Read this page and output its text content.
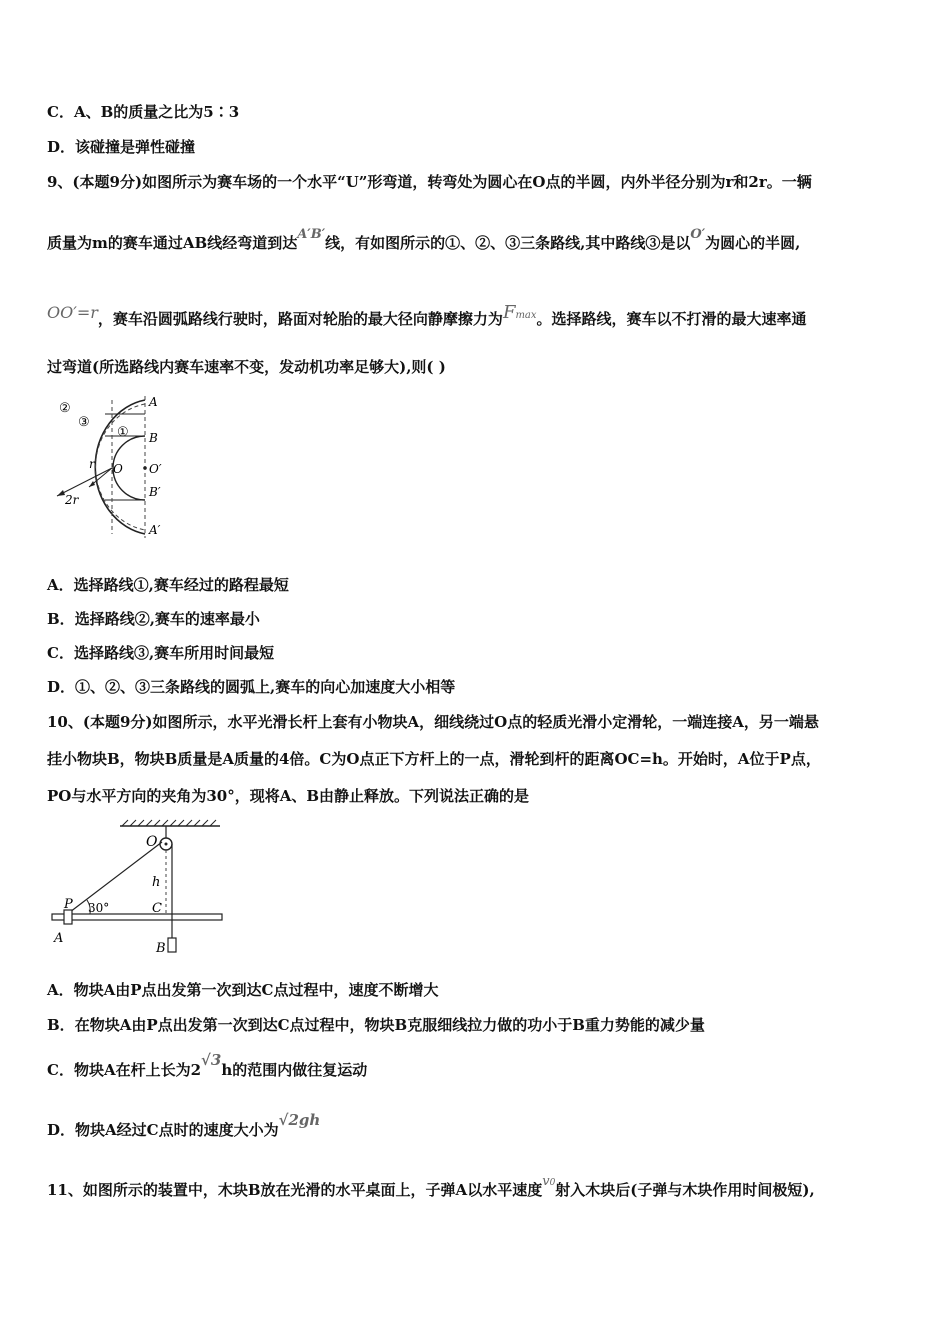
C．A、B的质量之比为5∶3
D．该碰撞是弹性碰撞
9、(本题9分)如图所示为赛车场的一个水平“U”形弯道，转弯处为圆心在O点的半圆，内外半径分别为r和2r。一辆
质量为m的赛车通过AB线经弯道到达A′B′线，有如图所示的①、②、③三条路线,其中路线③是以O′为圆心的半圆,
OO′=r，赛车沿圆弧路线行驶时，路面对轮胎的最大径向静摩擦力为Fmax。选择路线，赛车以不打滑的最大速率通
过弯道(所选路线内赛车速率不变，发动机功率足够大),则( )
②
③
①
A
B
O O′
B′
A′
r
2r
A．选择路线①,赛车经过的路程最短
B．选择路线②,赛车的速率最小
C．选择路线③,赛车所用时间最短
D．①、②、③三条路线的圆弧上,赛车的向心加速度大小相等
10、(本题9分)如图所示，水平光滑长杆上套有小物块A，细线绕过O点的轻质光滑小定滑轮，一端连接A，另一端悬
挂小物块B，物块B质量是A质量的4倍。C为O点正下方杆上的一点，滑轮到杆的距离OC=h。开始时，A位于P点，
PO与水平方向的夹角为30°，现将A、B由静止释放。下列说法正确的是
O
h
P 30°	C
A
B
A．物块A由P点出发第一次到达C点过程中，速度不断增大
B．在物块A由P点出发第一次到达C点过程中，物块B克服细线拉力做的功小于B重力势能的减少量
C．物块A在杆上长为2√3h的范围内做往复运动
D．物块A经过C点时的速度大小为√2gh
11、如图所示的装置中，木块B放在光滑的水平桌面上，子弹A以水平速度v0射入木块后(子弹与木块作用时间极短),
